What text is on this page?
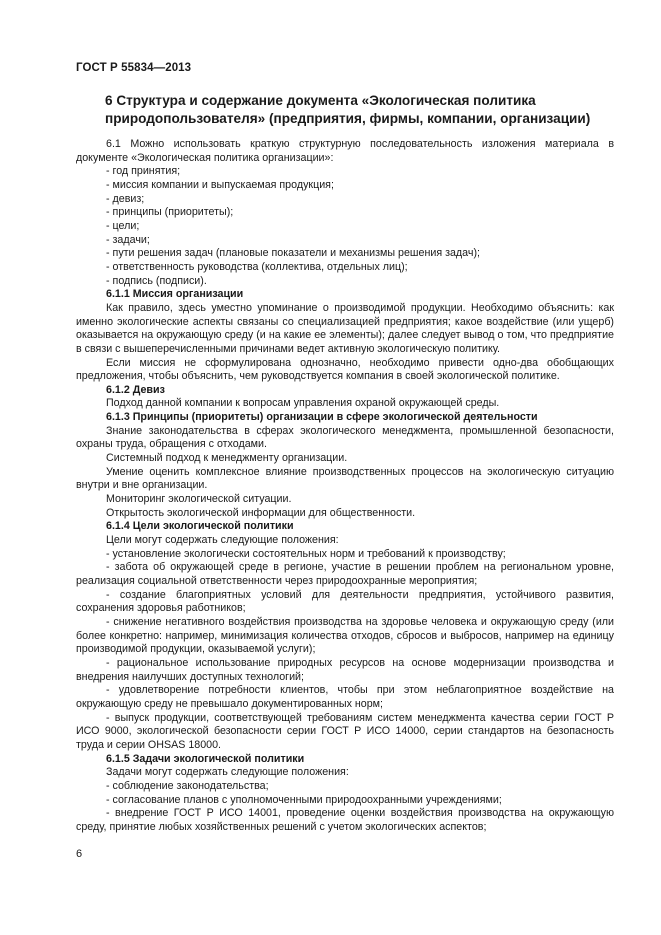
ГОСТ Р 55834—2013
6 Структура и содержание документа «Экологическая политика природопользователя» (предприятия, фирмы, компании, организации)

6.1 Можно использовать краткую структурную последовательность изложения материала в документе «Экологическая политика организации»:

- год принятия;

- миссия компании и выпускаемая продукция;

- девиз;

- принципы (приоритеты);

- цели;

- задачи;

- пути решения задач (плановые показатели и механизмы решения задач);

- ответственность руководства (коллектива, отдельных лиц);

- подпись (подписи).

6.1.1 Миссия организации

Как правило, здесь уместно упоминание о производимой продукции. Необходимо объяснить: как именно экологические аспекты связаны со специализацией предприятия; какое воздействие (или ущерб) оказывается на окружающую среду (и на какие ее элементы); далее следует вывод о том, что предприятие в связи с вышеперечисленными причинами ведет активную экологическую политику.

Если миссия не сформулирована однозначно, необходимо привести одно-два обобщающих предложения, чтобы объяснить, чем руководствуется компания в своей экологической политике.

6.1.2 Девиз

Подход данной компании к вопросам управления охраной окружающей среды.

6.1.3 Принципы (приоритеты) организации в сфере экологической деятельности

Знание законодательства в сферах экологического менеджмента, промышленной безопасности, охраны труда, обращения с отходами.

Системный подход к менеджменту организации.

Умение оценить комплексное влияние производственных процессов на экологическую ситуацию внутри и вне организации.

Мониторинг экологической ситуации.

Открытость экологической информации для общественности.

6.1.4 Цели экологической политики

Цели могут содержать следующие положения:

- установление экологически состоятельных норм и требований к производству;

- забота об окружающей среде в регионе, участие в решении проблем на региональном уровне, реализация социальной ответственности через природоохранные мероприятия;

- создание благоприятных условий для деятельности предприятия, устойчивого развития, сохранения здоровья работников;

- снижение негативного воздействия производства на здоровье человека и окружающую среду (или более конкретно: например, минимизация количества отходов, сбросов и выбросов, например на единицу производимой продукции, оказываемой услуги);

- рациональное использование природных ресурсов на основе модернизации производства и внедрения наилучших доступных технологий;

- удовлетворение потребности клиентов, чтобы при этом неблагоприятное воздействие на окружающую среду не превышало документированных норм;

- выпуск продукции, соответствующей требованиям систем менеджмента качества серии ГОСТ Р ИСО 9000, экологической безопасности серии ГОСТ Р ИСО 14000, серии стандартов на безопасность труда и серии OHSAS 18000.

6.1.5 Задачи экологической политики

Задачи могут содержать следующие положения:

- соблюдение законодательства;

- согласование планов с уполномоченными природоохранными учреждениями;

- внедрение ГОСТ Р ИСО 14001, проведение оценки воздействия производства на окружающую среду, принятие любых хозяйственных решений с учетом экологических аспектов;

6
